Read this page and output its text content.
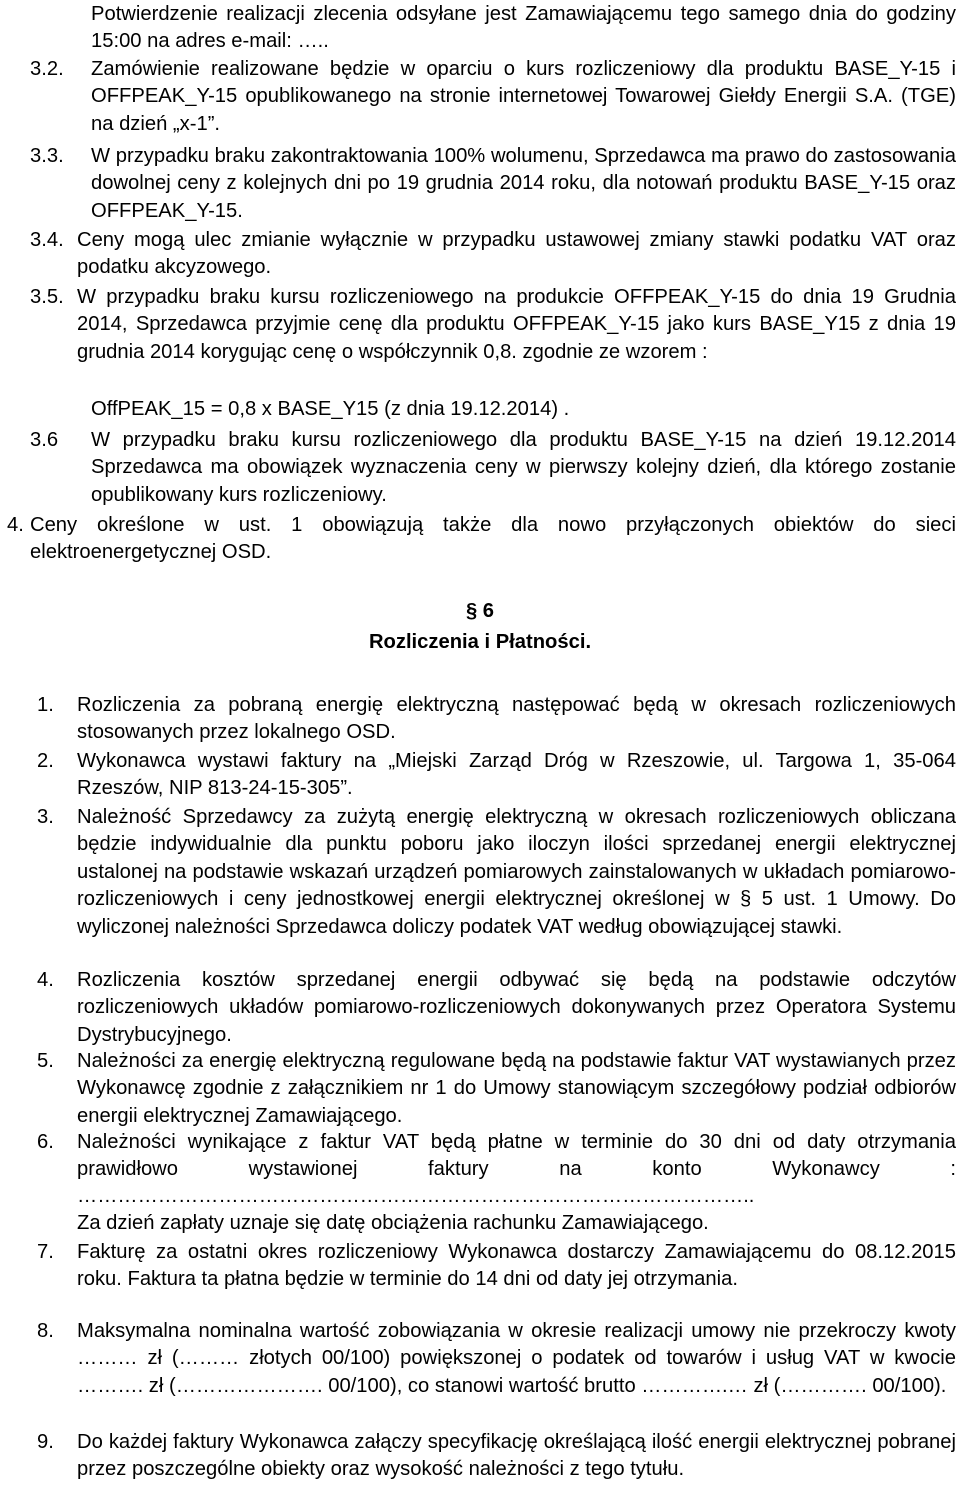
Potwierdzenie realizacji zlecenia odsyłane jest Zamawiającemu tego samego dnia do godziny 15:00 na adres e-mail: …..
3.2. Zamówienie realizowane będzie w oparciu o kurs rozliczeniowy dla produktu BASE_Y-15 i OFFPEAK_Y-15 opublikowanego na stronie internetowej Towarowej Giełdy Energii S.A. (TGE) na dzień „x-1”.
3.3. W przypadku braku zakontraktowania 100% wolumenu, Sprzedawca ma prawo do zastosowania dowolnej ceny z kolejnych dni po 19 grudnia 2014 roku, dla notowań produktu BASE_Y-15 oraz OFFPEAK_Y-15.
3.4. Ceny mogą ulec zmianie wyłącznie w przypadku ustawowej zmiany stawki podatku VAT oraz podatku akcyzowego.
3.5. W przypadku braku kursu rozliczeniowego na produkcie OFFPEAK_Y-15 do dnia 19 Grudnia 2014, Sprzedawca przyjmie cenę dla produktu OFFPEAK_Y-15 jako kurs BASE_Y15 z dnia 19 grudnia 2014 korygując cenę o współczynnik 0,8. zgodnie ze wzorem :
OffPEAK_15 = 0,8 x BASE_Y15 (z dnia 19.12.2014) .
3.6 W przypadku braku kursu rozliczeniowego dla produktu BASE_Y-15 na dzień 19.12.2014 Sprzedawca ma obowiązek wyznaczenia ceny w pierwszy kolejny dzień, dla którego zostanie opublikowany kurs rozliczeniowy.
4. Ceny określone w ust. 1 obowiązują także dla nowo przyłączonych obiektów do sieci elektroenergetycznej OSD.
§ 6
Rozliczenia i Płatności.
1. Rozliczenia za pobraną energię elektryczną następować będą w okresach rozliczeniowych stosowanych przez lokalnego OSD.
2. Wykonawca wystawi faktury na „Miejski Zarząd Dróg w Rzeszowie, ul. Targowa 1, 35-064 Rzeszów, NIP 813-24-15-305”.
3. Należność Sprzedawcy za zużytą energię elektryczną w okresach rozliczeniowych obliczana będzie indywidualnie dla punktu poboru jako iloczyn ilości sprzedanej energii elektrycznej ustalonej na podstawie wskazań urządzeń pomiarowych zainstalowanych w układach pomiarowo-rozliczeniowych i ceny jednostkowej energii elektrycznej określonej w § 5 ust. 1 Umowy. Do wyliczonej należności Sprzedawca doliczy podatek VAT według obowiązującej stawki.
4. Rozliczenia kosztów sprzedanej energii odbywać się będą na podstawie odczytów rozliczeniowych układów pomiarowo-rozliczeniowych dokonywanych przez Operatora Systemu Dystrybucyjnego.
5. Należności za energię elektryczną regulowane będą na podstawie faktur VAT wystawianych przez Wykonawcę zgodnie z załącznikiem nr 1 do Umowy stanowiącym szczegółowy podział odbiorów energii elektrycznej Zamawiającego.
6. Należności wynikające z faktur VAT będą płatne w terminie do 30 dni od daty otrzymania prawidłowo wystawionej faktury na konto Wykonawcy :
………………………………………………………………………………………..
Za dzień zapłaty uznaje się datę obciążenia rachunku Zamawiającego.
7. Fakturę za ostatni okres rozliczeniowy Wykonawca dostarczy Zamawiającemu do 08.12.2015 roku. Faktura ta płatna będzie w terminie do 14 dni od daty jej otrzymania.
8. Maksymalna nominalna wartość zobowiązania w okresie realizacji umowy nie przekroczy kwoty ……… zł (……… złotych 00/100) powiększonej o podatek od towarów i usług VAT w kwocie ………. zł (…………………. 00/100), co stanowi wartość brutto ………….… zł (…………. 00/100).
9. Do każdej faktury Wykonawca załączy specyfikację określającą ilość energii elektrycznej pobranej przez poszczególne obiekty oraz wysokość należności z tego tytułu.
